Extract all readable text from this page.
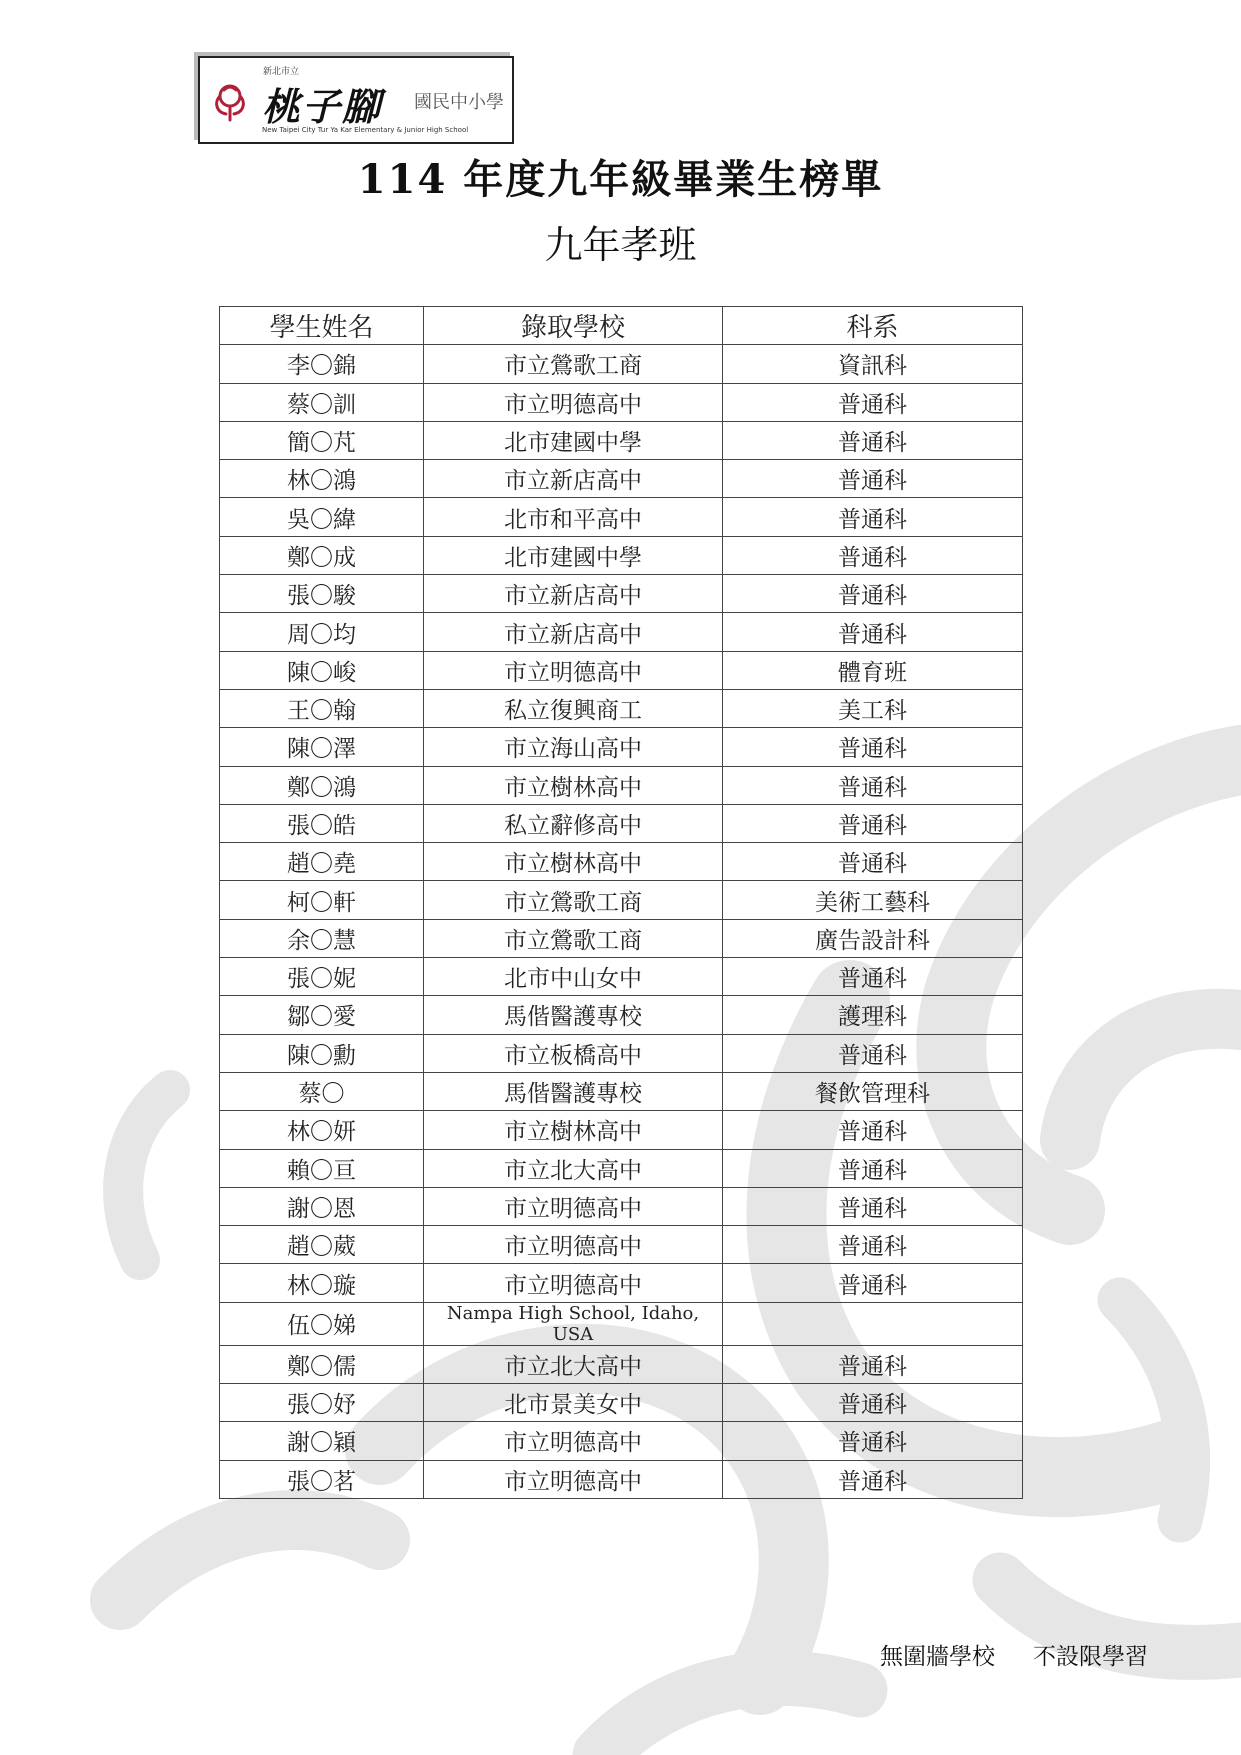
新北市立
桃子腳 國民中小學
New Taipei City Tur Ya Kar Elementary & Junior High School
114 年度九年級畢業生榜單
九年孝班
學生姓名	錄取學校	科系
李〇錦	市立鶯歌工商	資訊科
蔡〇訓	市立明德高中	普通科
簡〇芃	北市建國中學	普通科
林〇鴻	市立新店高中	普通科
吳〇緯	北市和平高中	普通科
鄭〇成	北市建國中學	普通科
張〇駿	市立新店高中	普通科
周〇均	市立新店高中	普通科
陳〇峻	市立明德高中	體育班
王〇翰	私立復興商工	美工科
陳〇澤	市立海山高中	普通科
鄭〇鴻	市立樹林高中	普通科
張〇皓	私立辭修高中	普通科
趙〇堯	市立樹林高中	普通科
柯〇軒	市立鶯歌工商	美術工藝科
余〇慧	市立鶯歌工商	廣告設計科
張〇妮	北市中山女中	普通科
鄒〇愛	馬偕醫護專校	護理科
陳〇勳	市立板橋高中	普通科
蔡〇	馬偕醫護專校	餐飲管理科
林〇妍	市立樹林高中	普通科
賴〇亘	市立北大高中	普通科
謝〇恩	市立明德高中	普通科
趙〇葳	市立明德高中	普通科
林〇璇	市立明德高中	普通科
伍〇娣	Nampa High School, Idaho, USA	
鄭〇儒	市立北大高中	普通科
張〇妤	北市景美女中	普通科
謝〇穎	市立明德高中	普通科
張〇茗	市立明德高中	普通科
無圍牆學校 不設限學習
